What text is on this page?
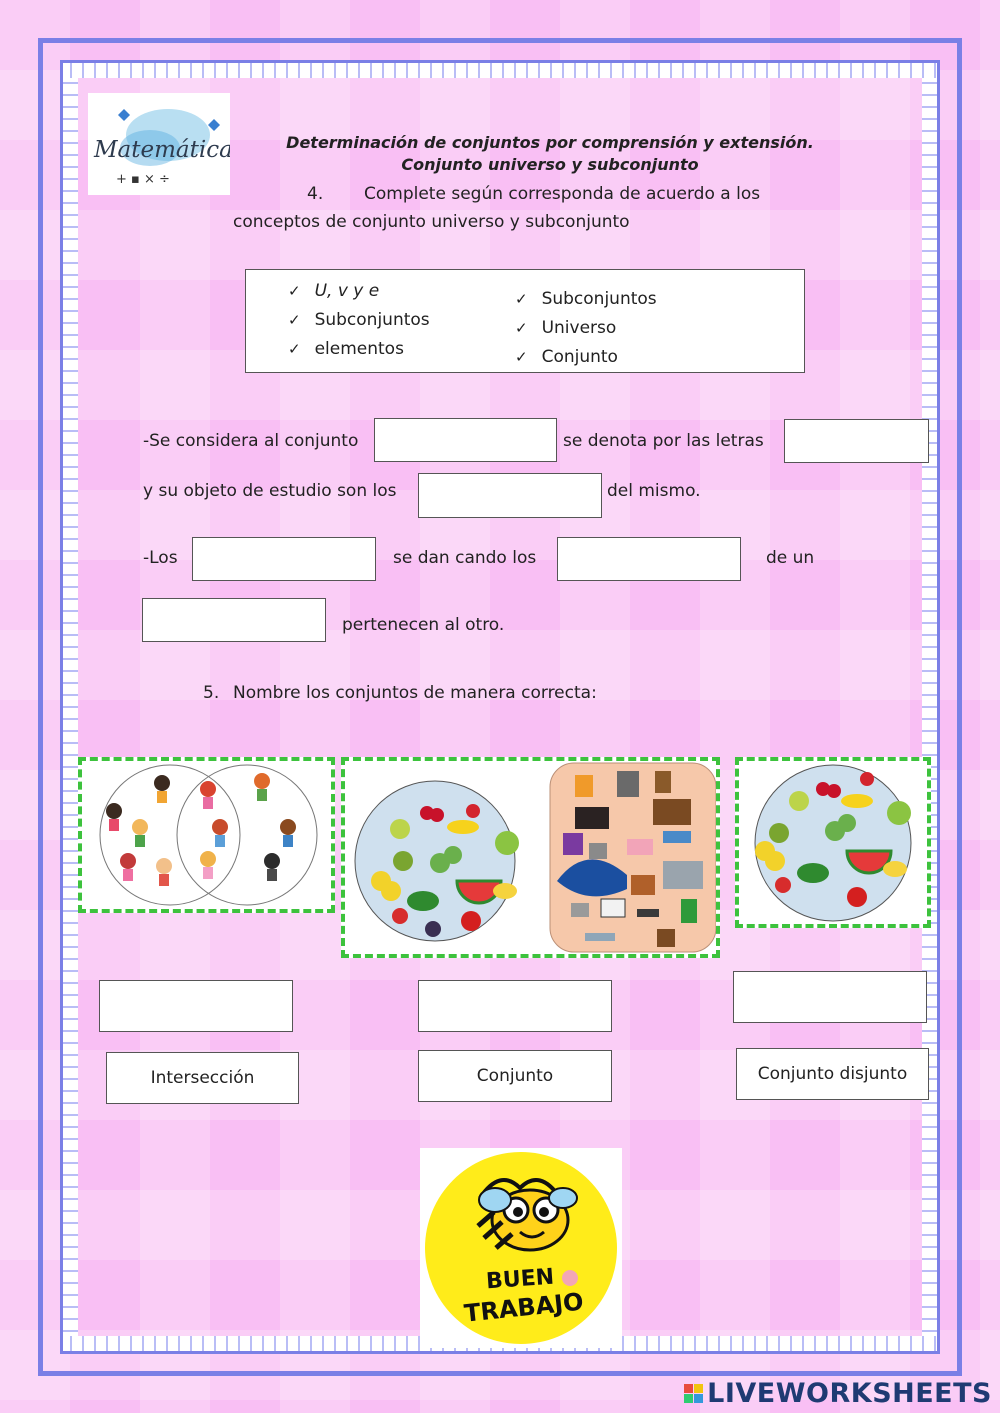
Matemática
+ ▪ × ÷
Determinación de conjuntos por comprensión y extensión.
Conjunto universo y subconjunto
4. Complete según corresponda de acuerdo a los
conceptos de conjunto universo y subconjunto
✓ U, v y e
✓ Subconjuntos
✓ elementos
✓ Subconjuntos
✓ Universo
✓ Conjunto
-Se considera al conjunto	se denota por las letras
y su objeto de estudio son los	del mismo.
-Los	se dan cando los	de un
pertenecen al otro.
5. Nombre los conjuntos de manera correcta:
Intersección	Conjunto	Conjunto disjunto
BUEN
TRABAJO
LIVEWORKSHEETS
